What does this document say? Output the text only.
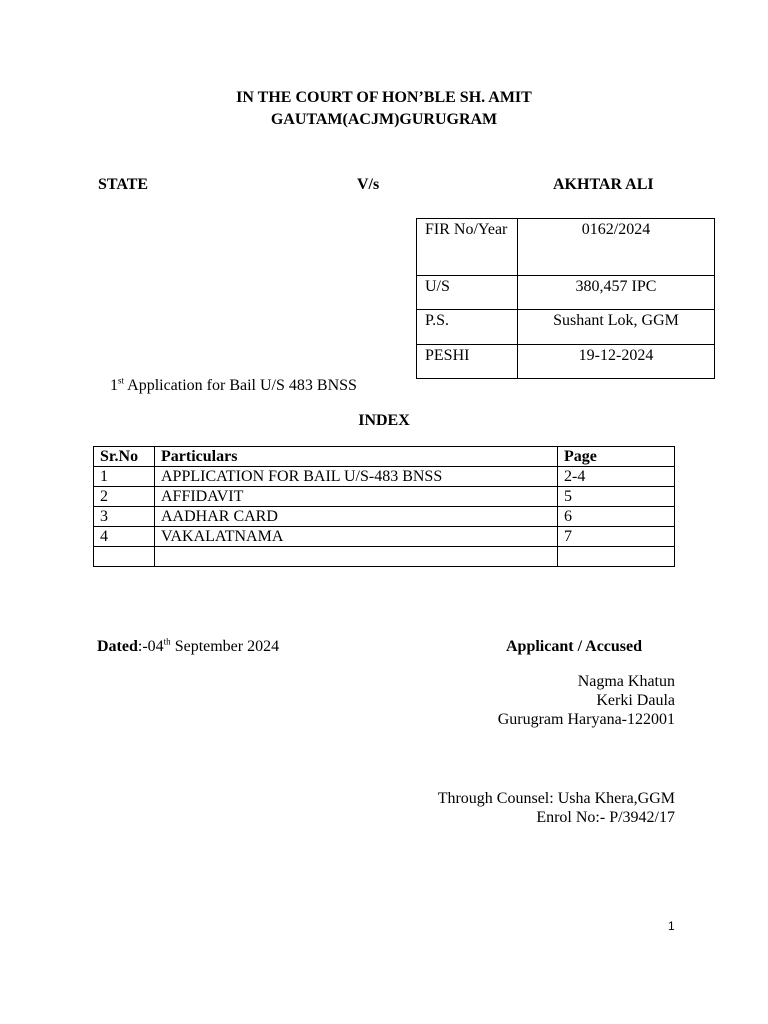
IN THE COURT OF HON’BLE SH. AMIT
GAUTAM(ACJM)GURUGRAM
STATE	V/s	AKHTAR ALI
FIR No/Year	0162/2024
U/S	380,457 IPC
P.S.	Sushant Lok, GGM
PESHI	19-12-2024
1st Application for Bail U/S 483 BNSS
INDEX
Sr.No	Particulars	Page
1	APPLICATION FOR BAIL U/S-483 BNSS	2-4
2	AFFIDAVIT	5
3	AADHAR CARD	6
4	VAKALATNAMA	7

Dated:-04th September 2024	Applicant / Accused
Nagma Khatun
Kerki Daula
Gurugram Haryana-122001
Through Counsel: Usha Khera,GGM
Enrol No:- P/3942/17
1
